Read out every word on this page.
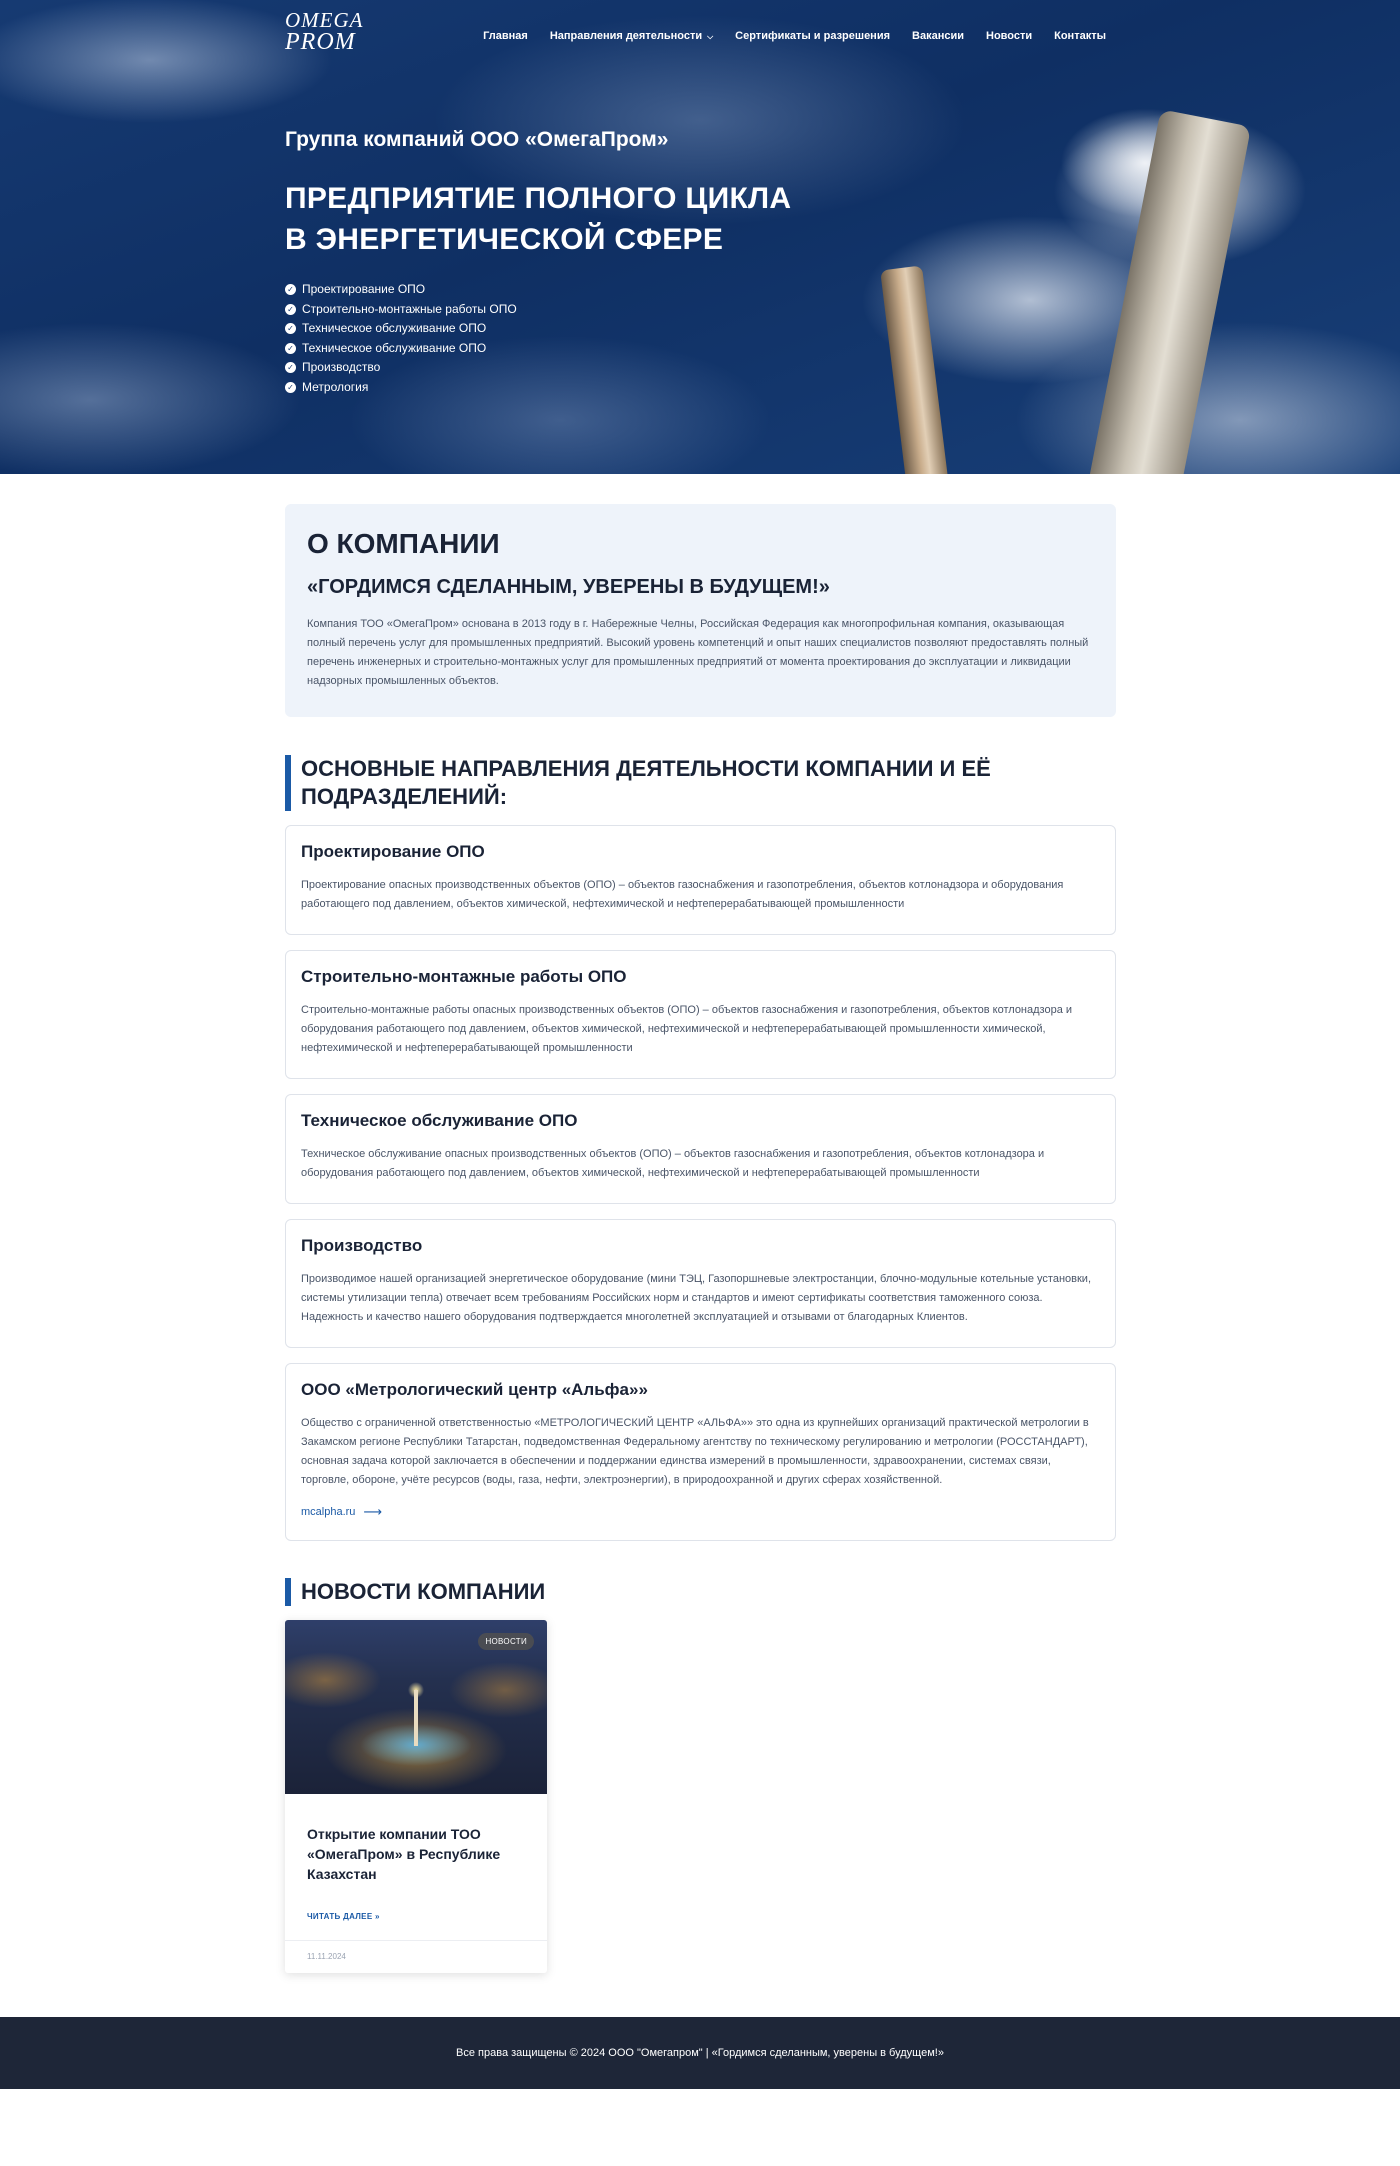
OMEGA
PROM	Главная Направления деятельности ⌵ Сертификаты и разрешения Вакансии Новости Контакты
Группа компаний ООО «ОмегаПром»
ПРЕДПРИЯТИЕ ПОЛНОГО ЦИКЛА
В ЭНЕРГЕТИЧЕСКОЙ СФЕРЕ
✓ Проектирование ОПО
✓ Строительно-монтажные работы ОПО
✓ Техническое обслуживание ОПО
✓ Техническое обслуживание ОПО
✓ Производство
✓ Метрология
О КОМПАНИИ
«ГОРДИМСЯ СДЕЛАННЫМ, УВЕРЕНЫ В БУДУЩЕМ!»

Компания ТОО «ОмегаПром» основана в 2013 году в г. Набережные Челны, Российская Федерация как многопрофильная компания, оказывающая полный перечень услуг для промышленных предприятий. Высокий уровень компетенций и опыт наших специалистов позволяют предоставлять полный перечень инженерных и строительно-монтажных услуг для промышленных предприятий от момента проектирования до эксплуатации и ликвидации надзорных промышленных объектов.

ОСНОВНЫЕ НАПРАВЛЕНИЯ ДЕЯТЕЛЬНОСТИ КОМПАНИИ И ЕЁ
ПОДРАЗДЕЛЕНИЙ:
Проектирование ОПО

Проектирование опасных производственных объектов (ОПО) – объектов газоснабжения и газопотребления, объектов котлонадзора и оборудования работающего под давлением, объектов химической, нефтехимической и нефтеперерабатывающей промышленности

Строительно-монтажные работы ОПО

Строительно-монтажные работы опасных производственных объектов (ОПО) – объектов газоснабжения и газопотребления, объектов котлонадзора и оборудования работающего под давлением, объектов химической, нефтехимической и нефтеперерабатывающей промышленности химической, нефтехимической и нефтеперерабатывающей промышленности

Техническое обслуживание ОПО

Техническое обслуживание опасных производственных объектов (ОПО) – объектов газоснабжения и газопотребления, объектов котлонадзора и оборудования работающего под давлением, объектов химической, нефтехимической и нефтеперерабатывающей промышленности

Производство

Производимое нашей организацией энергетическое оборудование (мини ТЭЦ, Газопоршневые электростанции, блочно-модульные котельные установки, системы утилизации тепла) отвечает всем требованиям Российских норм и стандартов и имеют сертификаты соответствия таможенного союза. Надежность и качество нашего оборудования подтверждается многолетней эксплуатацией и отзывами от благодарных Клиентов.

ООО «Метрологический центр «Альфа»»

Общество с ограниченной ответственностью «МЕТРОЛОГИЧЕСКИЙ ЦЕНТР «АЛЬФА»» это одна из крупнейших организаций практической метрологии в Закамском регионе Республики Татарстан, подведомственная Федеральному агентству по техническому регулированию и метрологии (РОССТАНДАРТ), основная задача которой заключается в обеспечении и поддержании единства измерений в промышленности, здравоохранении, системах связи, торговле, обороне, учёте ресурсов (воды, газа, нефти, электроэнергии), в природоохранной и других сферах хозяйственной.

mcalpha.ru ⟶
НОВОСТИ КОМПАНИИ
НОВОСТИ
Открытие компании ТОО «ОмегаПром» в Республике Казахстан
ЧИТАТЬ ДАЛЕЕ »
11.11.2024
Все права защищены © 2024 ООО "Омегапром" | «Гордимся сделанным, уверены в будущем!»
